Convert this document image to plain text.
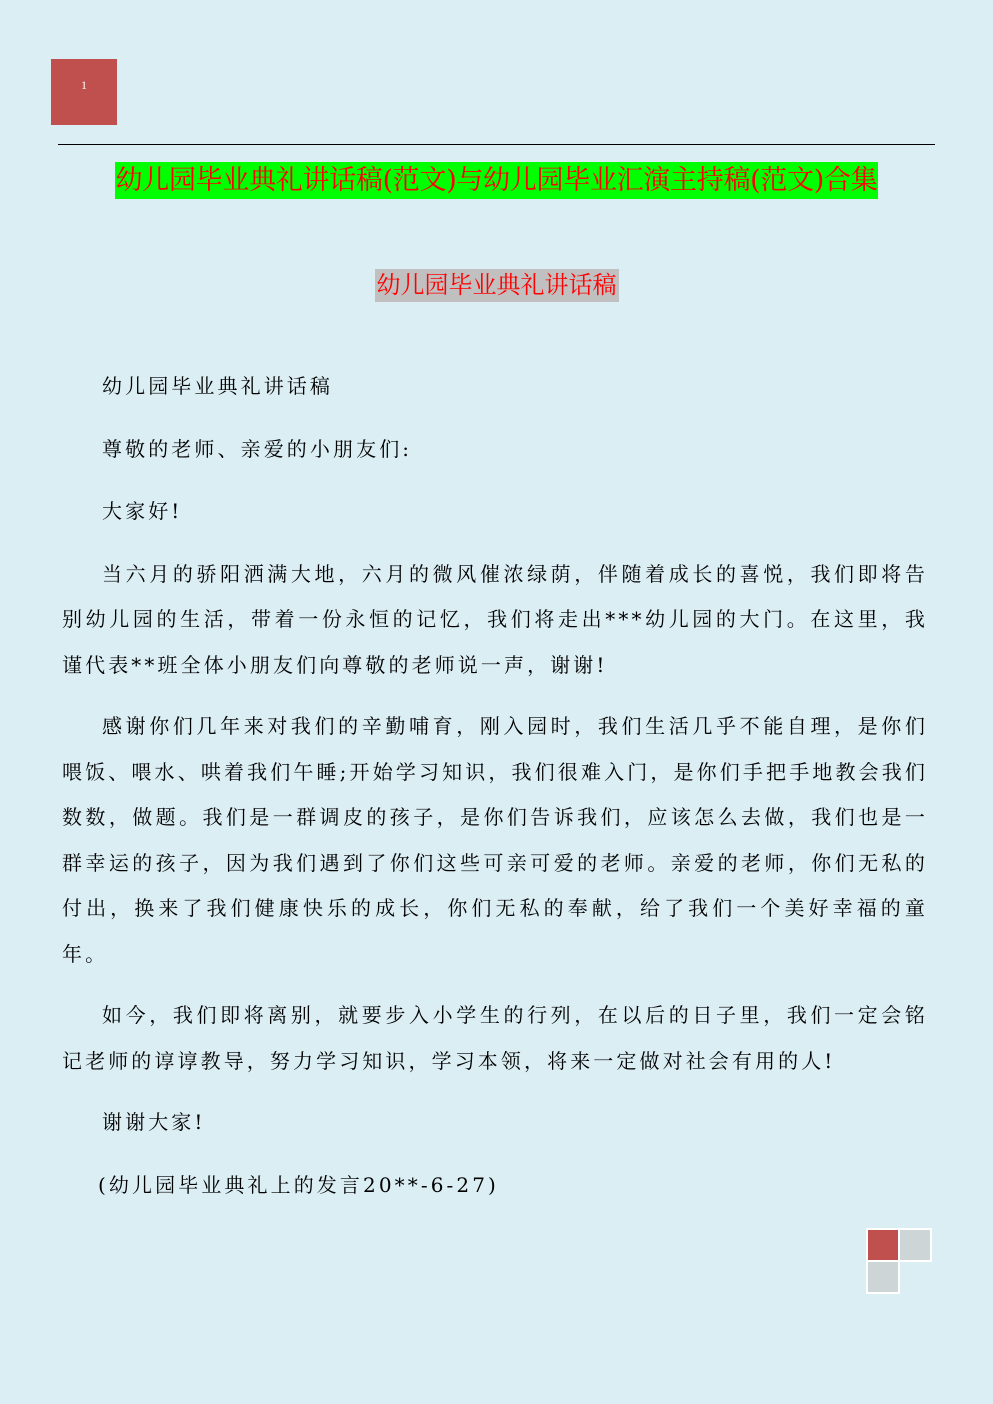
1
幼儿园毕业典礼讲话稿(范文)与幼儿园毕业汇演主持稿(范文)合集
幼儿园毕业典礼讲话稿

幼儿园毕业典礼讲话稿

尊敬的老师、亲爱的小朋友们:

大家好!

当六月的骄阳洒满大地，六月的微风催浓绿荫，伴随着成长的喜悦，我们即将告别幼儿园的生活，带着一份永恒的记忆，我们将走出***幼儿园的大门。在这里，我谨代表**班全体小朋友们向尊敬的老师说一声，谢谢!

感谢你们几年来对我们的辛勤哺育，刚入园时，我们生活几乎不能自理，是你们喂饭、喂水、哄着我们午睡;开始学习知识，我们很难入门，是你们手把手地教会我们数数，做题。我们是一群调皮的孩子，是你们告诉我们，应该怎么去做，我们也是一群幸运的孩子，因为我们遇到了你们这些可亲可爱的老师。亲爱的老师，你们无私的付出，换来了我们健康快乐的成长，你们无私的奉献，给了我们一个美好幸福的童年。

如今，我们即将离别，就要步入小学生的行列，在以后的日子里，我们一定会铭记老师的谆谆教导，努力学习知识，学习本领，将来一定做对社会有用的人!

谢谢大家!

(幼儿园毕业典礼上的发言20**-6-27)
